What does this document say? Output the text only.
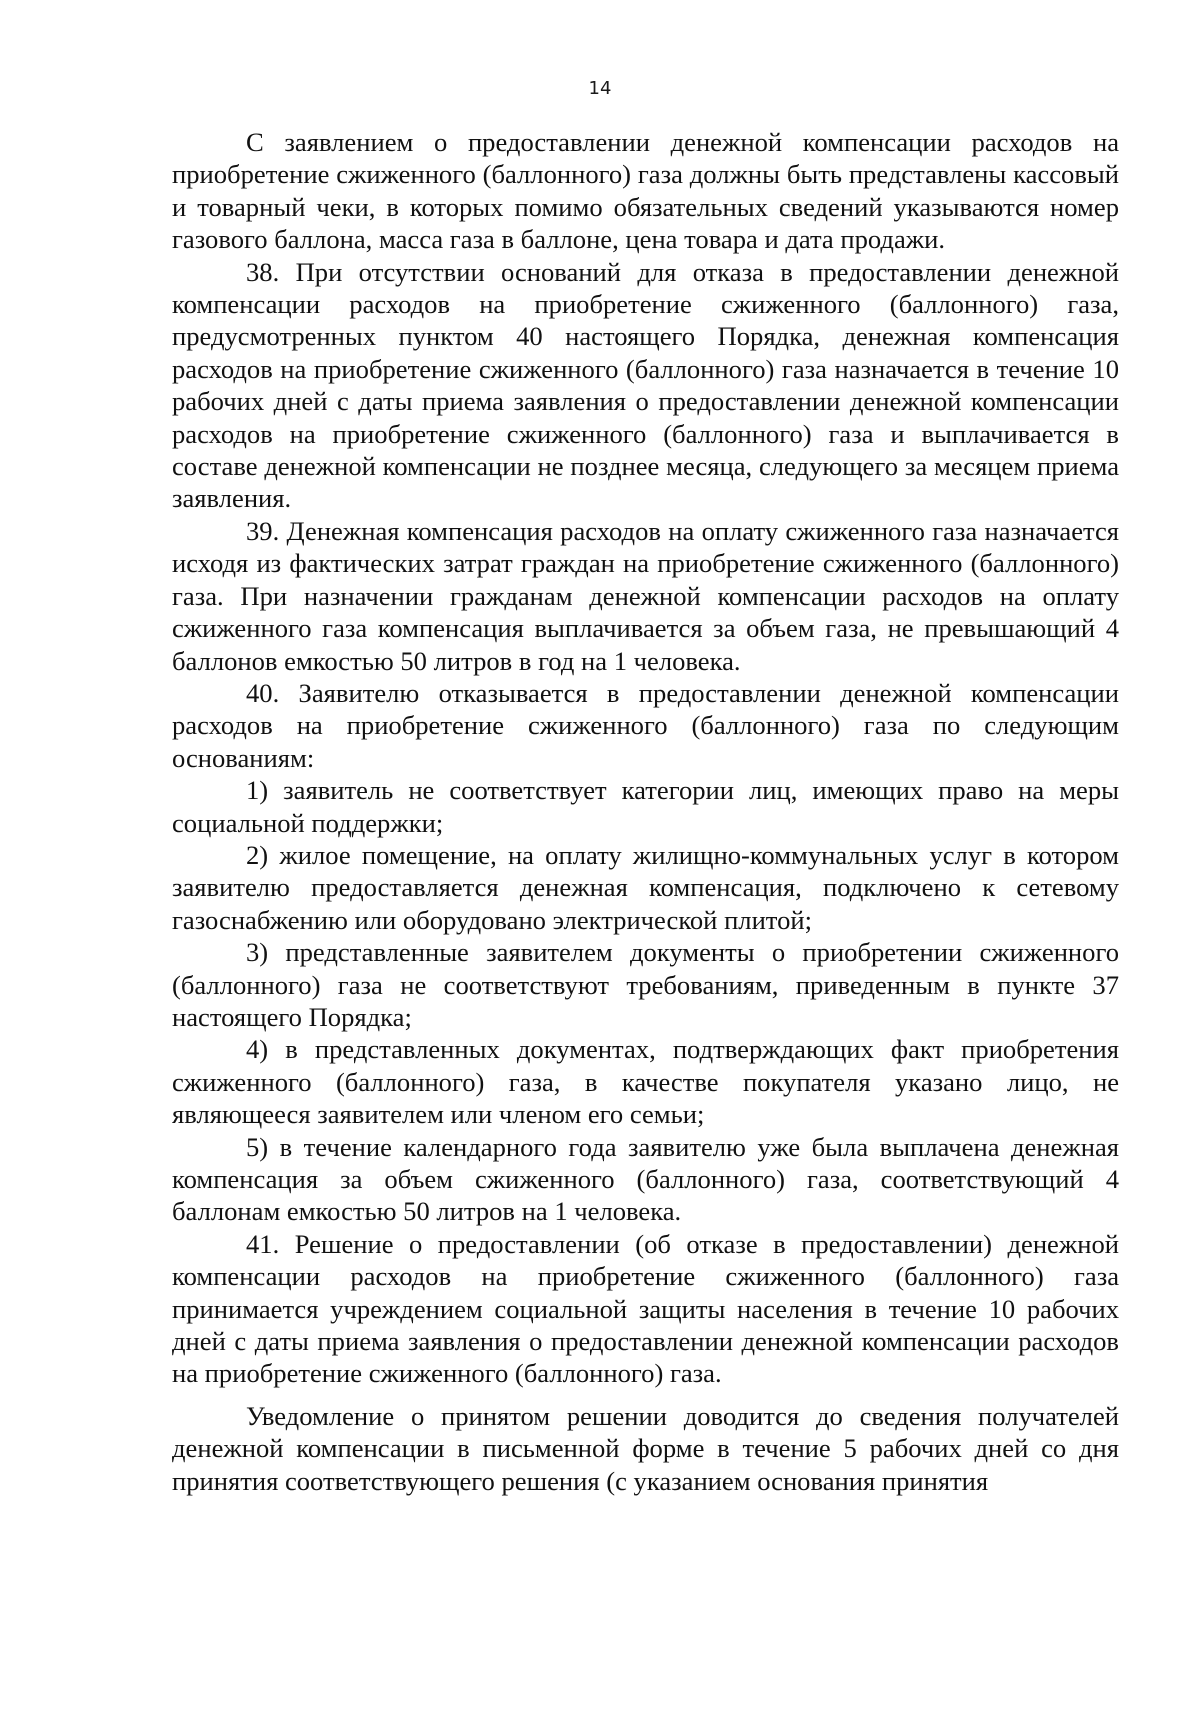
14

С заявлением о предоставлении денежной компенсации расходов на приобретение сжиженного (баллонного) газа должны быть представлены кассовый и товарный чеки, в которых помимо обязательных сведений указываются номер газового баллона, масса газа в баллоне, цена товара и дата продажи.

38. При отсутствии оснований для отказа в предоставлении денежной компенсации расходов на приобретение сжиженного (баллонного) газа, предусмотренных пунктом 40 настоящего Порядка, денежная компенсация расходов на приобретение сжиженного (баллонного) газа назначается в течение 10 рабочих дней с даты приема заявления о предоставлении денежной компенсации расходов на приобретение сжиженного (баллонного) газа и выплачивается в составе денежной компенсации не позднее месяца, следующего за месяцем приема заявления.

39. Денежная компенсация расходов на оплату сжиженного газа назначается исходя из фактических затрат граждан на приобретение сжиженного (баллонного) газа. При назначении гражданам денежной компенсации расходов на оплату сжиженного газа компенсация выплачивается за объем газа, не превышающий 4 баллонов емкостью 50 литров в год на 1 человека.

40. Заявителю отказывается в предоставлении денежной компенсации расходов на приобретение сжиженного (баллонного) газа по следующим основаниям:

1) заявитель не соответствует категории лиц, имеющих право на меры социальной поддержки;

2) жилое помещение, на оплату жилищно-коммунальных услуг в котором заявителю предоставляется денежная компенсация, подключено к сетевому газоснабжению или оборудовано электрической плитой;

3) представленные заявителем документы о приобретении сжиженного (баллонного) газа не соответствуют требованиям, приведенным в пункте 37 настоящего Порядка;

4) в представленных документах, подтверждающих факт приобретения сжиженного (баллонного) газа, в качестве покупателя указано лицо, не являющееся заявителем или членом его семьи;

5) в течение календарного года заявителю уже была выплачена денежная компенсация за объем сжиженного (баллонного) газа, соответствующий 4 баллонам емкостью 50 литров на 1 человека.

41. Решение о предоставлении (об отказе в предоставлении) денежной компенсации расходов на приобретение сжиженного (баллонного) газа принимается учреждением социальной защиты населения в течение 10 рабочих дней с даты приема заявления о предоставлении денежной компенсации расходов на приобретение сжиженного (баллонного) газа.

Уведомление о принятом решении доводится до сведения получателей денежной компенсации в письменной форме в течение 5 рабочих дней со дня принятия соответствующего решения (с указанием основания принятия
